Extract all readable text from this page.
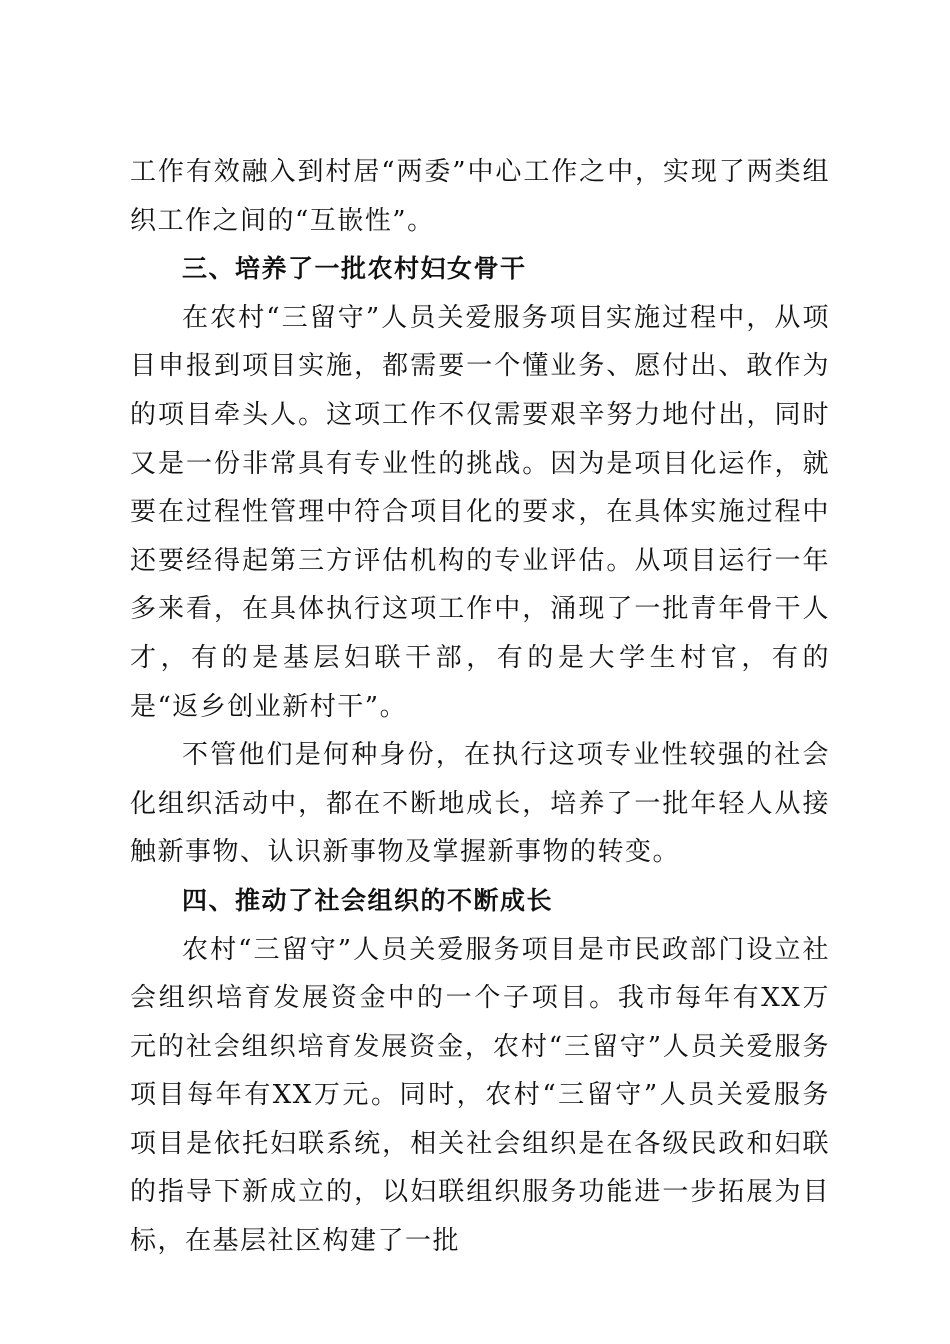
工作有效融入到村居“两委”中心工作之中，实现了两类组织工作之间的“互嵌性”。

三、培养了一批农村妇女骨干

在农村“三留守”人员关爱服务项目实施过程中，从项目申报到项目实施，都需要一个懂业务、愿付出、敢作为的项目牵头人。这项工作不仅需要艰辛努力地付出，同时又是一份非常具有专业性的挑战。因为是项目化运作，就要在过程性管理中符合项目化的要求，在具体实施过程中还要经得起第三方评估机构的专业评估。从项目运行一年多来看，在具体执行这项工作中，涌现了一批青年骨干人才，有的是基层妇联干部，有的是大学生村官，有的是“返乡创业新村干”。

不管他们是何种身份，在执行这项专业性较强的社会化组织活动中，都在不断地成长，培养了一批年轻人从接触新事物、认识新事物及掌握新事物的转变。

四、推动了社会组织的不断成长

农村“三留守”人员关爱服务项目是市民政部门设立社会组织培育发展资金中的一个子项目。我市每年有XX万元的社会组织培育发展资金，农村“三留守”人员关爱服务项目每年有XX万元。同时，农村“三留守”人员关爱服务项目是依托妇联系统，相关社会组织是在各级民政和妇联的指导下新成立的，以妇联组织服务功能进一步拓展为目标，在基层社区构建了一批
